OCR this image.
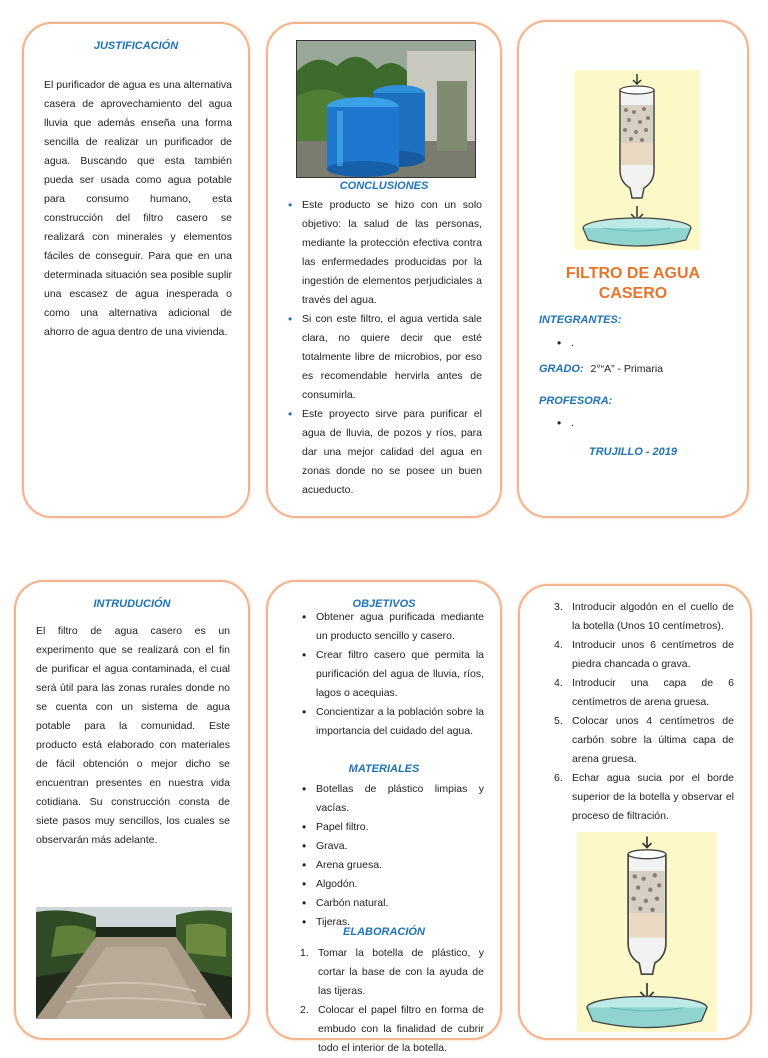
JUSTIFICACIÓN

El purificador de agua es una alternativa casera de aprovechamiento del agua lluvia que además enseña una forma sencilla de realizar un purificador de agua. Buscando que esta también pueda ser usada como agua potable para consumo humano, esta construcción del filtro casero se realizará con minerales y elementos fáciles de conseguir. Para que en una determinada situación sea posible suplir una escasez de agua inesperada o como una alternativa adicional de ahorro de agua dentro de una vivienda.

CONCLUSIONES
• Este producto se hizo con un solo objetivo: la salud de las personas, mediante la protección efectiva contra las enfermedades producidas por la ingestión de elementos perjudiciales a través del agua.
• Si con este filtro, el agua vertida sale clara, no quiere decir que esté totalmente libre de microbios, por eso es recomendable hervirla antes de consumirla.
• Este proyecto sirve para purificar el agua de lluvia, de pozos y ríos, para dar una mejor calidad del agua en zonas donde no se posee un buen acueducto.
FILTRO DE AGUA
CASERO
INTEGRANTES:
• .
GRADO: 2°“A” - Primaria
PROFESORA:
• .
TRUJILLO - 2019
INTRUDUCIÓN

El filtro de agua casero es un experimento que se realizará con el fin de purificar el agua contaminada, el cual será útil para las zonas rurales donde no se cuenta con un sistema de agua potable para la comunidad. Este producto está elaborado con materiales de fácil obtención o mejor dicho se encuentran presentes en nuestra vida cotidiana. Su construcción consta de siete pasos muy sencillos, los cuales se observarán más adelante.

OBJETIVOS
• Obtener agua purificada mediante un producto sencillo y casero.
• Crear filtro casero que permita la purificación del agua de lluvia, ríos, lagos o acequias.
• Concientizar a la población sobre la importancia del cuidado del agua.
MATERIALES
• Botellas de plástico limpias y vacías.
• Papel filtro.
• Grava.
• Arena gruesa.
• Algodón.
• Carbón natural.
• Tijeras.
ELABORACIÓN
1. Tomar la botella de plástico, y cortar la base de con la ayuda de las tijeras.
2. Colocar el papel filtro en forma de embudo con la finalidad de cubrir todo el interior de la botella.
3. Introducir algodón en el cuello de la botella (Unos 10 centímetros).
4. Introducir unos 6 centímetros de piedra chancada o grava.
4. Introducir una capa de 6 centímetros de arena gruesa.
5. Colocar unos 4 centímetros de carbón sobre la última capa de arena gruesa.
6. Echar agua sucia por el borde superior de la botella y observar el proceso de filtración.
